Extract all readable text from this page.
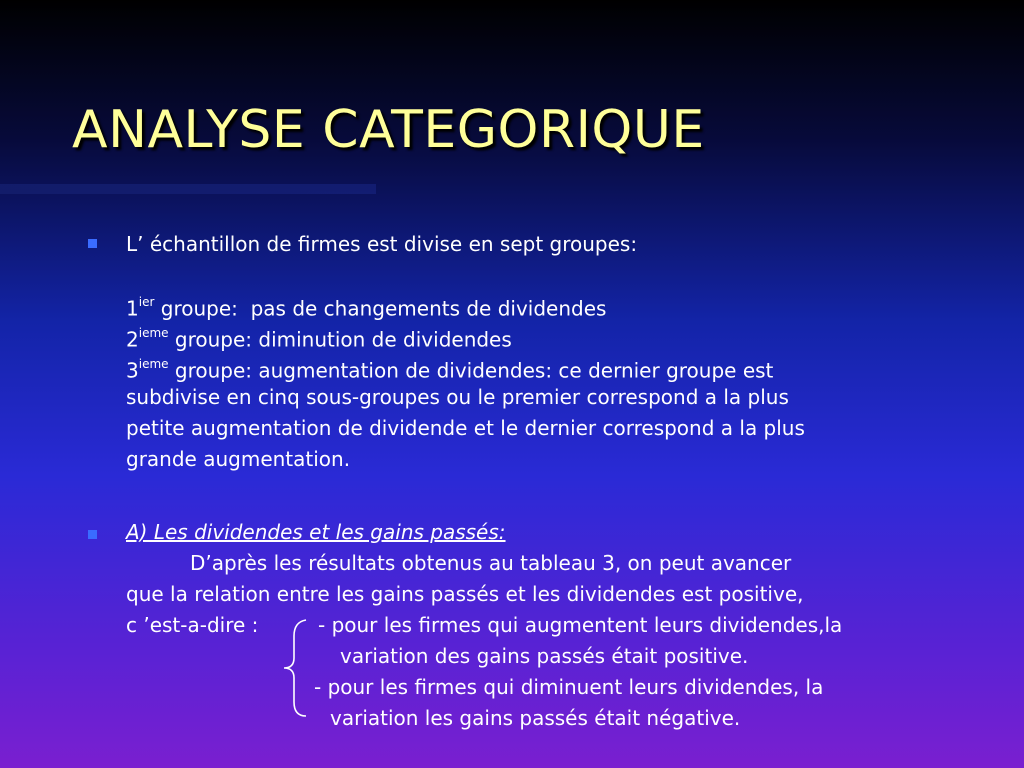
ANALYSE CATEGORIQUE
L’ échantillon de firmes est divise en sept groupes:
$1^{ier}$ groupe:  pas de changements de dividendes
2ieme groupe: diminution de dividendes
3ieme groupe: augmentation de dividendes: ce dernier groupe est
subdivise en cinq sous-groupes ou le premier correspond a la plus
petite augmentation de dividende et le dernier correspond a la plus
grande augmentation.
A) Les dividendes et les gains passés:
D’après les résultats obtenus au tableau 3, on peut avancer
que la relation entre les gains passés et les dividendes est positive,
c ’est-a-dire :	- pour les firmes qui augmentent leurs dividendes,la
variation des gains passés était positive.
- pour les firmes qui diminuent leurs dividendes, la
variation les gains passés était négative.
